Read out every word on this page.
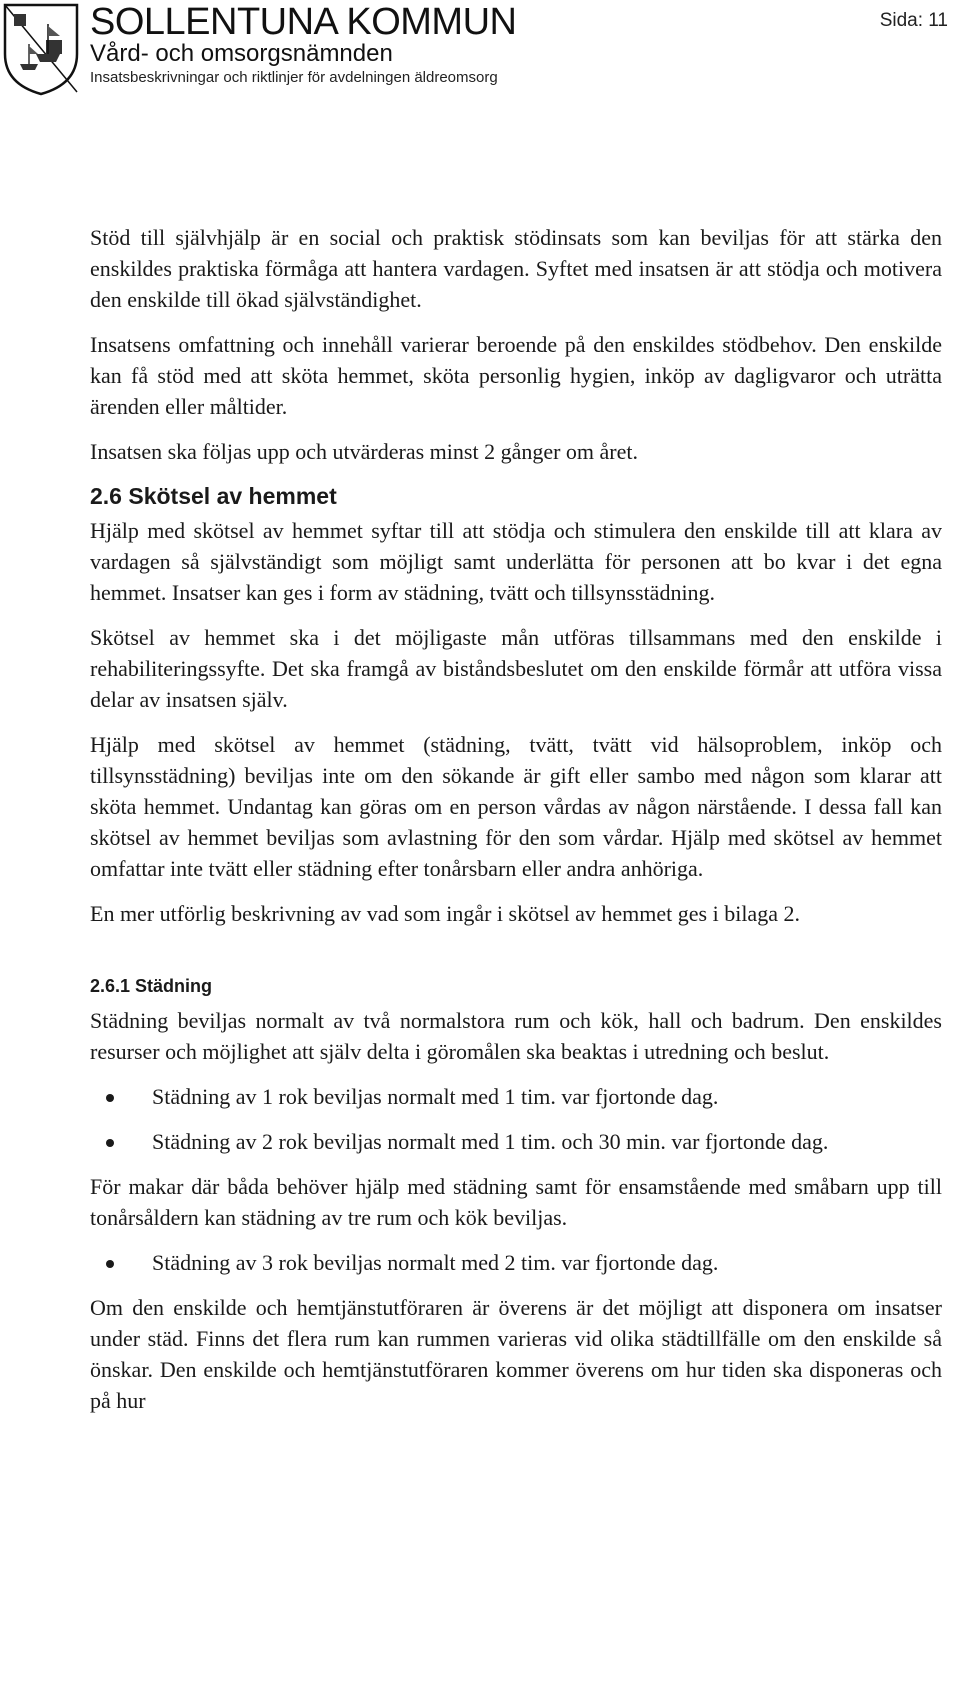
SOLLENTUNA KOMMUN
Vård- och omsorgsnämnden
Insatsbeskrivningar och riktlinjer för avdelningen äldreomsorg
Sida: 11

Stöd till självhjälp är en social och praktisk stödinsats som kan beviljas för att stärka den enskildes praktiska förmåga att hantera vardagen. Syftet med insatsen är att stödja och motivera den enskilde till ökad självständighet.

Insatsens omfattning och innehåll varierar beroende på den enskildes stödbehov. Den enskilde kan få stöd med att sköta hemmet, sköta personlig hygien, inköp av dagligvaror och uträtta ärenden eller måltider.

Insatsen ska följas upp och utvärderas minst 2 gånger om året.

2.6 Skötsel av hemmet

Hjälp med skötsel av hemmet syftar till att stödja och stimulera den enskilde till att klara av vardagen så självständigt som möjligt samt underlätta för personen att bo kvar i det egna hemmet. Insatser kan ges i form av städning, tvätt och tillsynsstädning.

Skötsel av hemmet ska i det möjligaste mån utföras tillsammans med den enskilde i rehabiliteringssyfte. Det ska framgå av biståndsbeslutet om den enskilde förmår att utföra vissa delar av insatsen själv.

Hjälp med skötsel av hemmet (städning, tvätt, tvätt vid hälsoproblem, inköp och tillsynsstädning) beviljas inte om den sökande är gift eller sambo med någon som klarar att sköta hemmet. Undantag kan göras om en person vårdas av någon närstående. I dessa fall kan skötsel av hemmet beviljas som avlastning för den som vårdar. Hjälp med skötsel av hemmet omfattar inte tvätt eller städning efter tonårsbarn eller andra anhöriga.

En mer utförlig beskrivning av vad som ingår i skötsel av hemmet ges i bilaga 2.

2.6.1 Städning

Städning beviljas normalt av två normalstora rum och kök, hall och badrum. Den enskildes resurser och möjlighet att själv delta i göromålen ska beaktas i utredning och beslut.

Städning av 1 rok beviljas normalt med 1 tim. var fjortonde dag.
Städning av 2 rok beviljas normalt med 1 tim. och 30 min. var fjortonde dag.

För makar där båda behöver hjälp med städning samt för ensamstående med småbarn upp till tonårsåldern kan städning av tre rum och kök beviljas.

Städning av 3 rok beviljas normalt med 2 tim. var fjortonde dag.

Om den enskilde och hemtjänstutföraren är överens är det möjligt att disponera om insatser under städ. Finns det flera rum kan rummen varieras vid olika städtillfälle om den enskilde så önskar. Den enskilde och hemtjänstutföraren kommer överens om hur tiden ska disponeras och på hur
